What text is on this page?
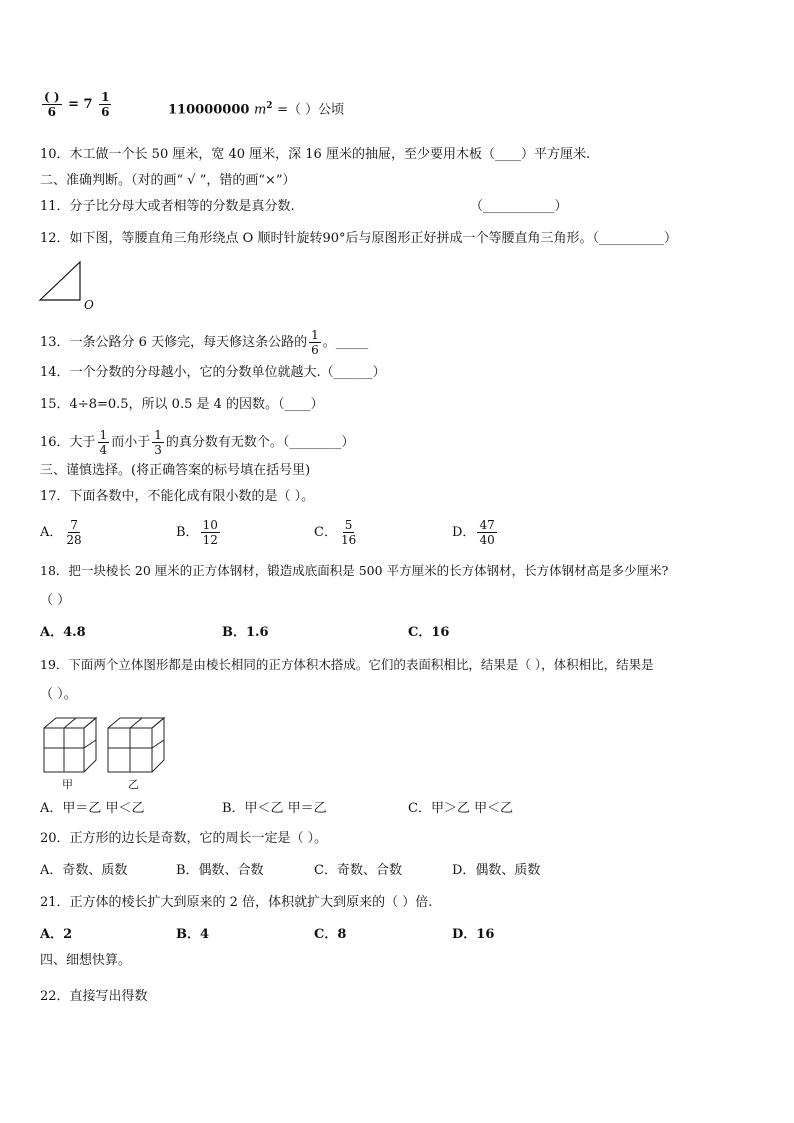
$\frac{( )}{6} = 7 \frac{1}{6}$	110000000 $m^2$ =（ ）公顷
10．木工做一个长 50 厘米，宽 40 厘米，深 16 厘米的抽屉，至少要用木板（____）平方厘米.
二、准确判断。（对的画“ √ ”，错的画“×”）
11．分子比分母大或者相等的分数是真分数.	（___________）
12．如下图，等腰直角三角形绕点 O 顺时针旋转90°后与原图形正好拼成一个等腰直角三角形。（__________）
O
13．一条公路分 6 天修完，每天修这条公路的 $\frac{1}{6}$ 。_____
14．一个分数的分母越小，它的分数单位就越大.（______）
15．4÷8=0.5，所以 0.5 是 4 的因数。（____）
16．大于 $\frac{1}{4}$ 而小于 $\frac{1}{3}$ 的真分数有无数个。（________）
三、谨慎选择。(将正确答案的标号填在括号里)
17．下面各数中，不能化成有限小数的是（ ）。
A． $\frac{7}{28}$	B． $\frac{10}{12}$	C． $\frac{5}{16}$	D． $\frac{47}{40}$
18．把一块棱长 20 厘米的正方体钢材，锻造成底面积是 500 平方厘米的长方体钢材，长方体钢材高是多少厘米?
（ ）
A．4.8	B．1.6	C．16
19．下面两个立体图形都是由棱长相同的正方体积木搭成。它们的表面积相比，结果是（ ），体积相比，结果是
（ ）。
甲	乙
A．甲＝乙 甲＜乙	B．甲＜乙 甲＝乙	C．甲＞乙 甲＜乙
20．正方形的边长是奇数，它的周长一定是（ ）。
A．奇数、质数	B．偶数、合数	C．奇数、合数	D．偶数、质数
21．正方体的棱长扩大到原来的 2 倍，体积就扩大到原来的（ ）倍.
A．2	B．4	C．8	D．16
四、细想快算。
22．直接写出得数
